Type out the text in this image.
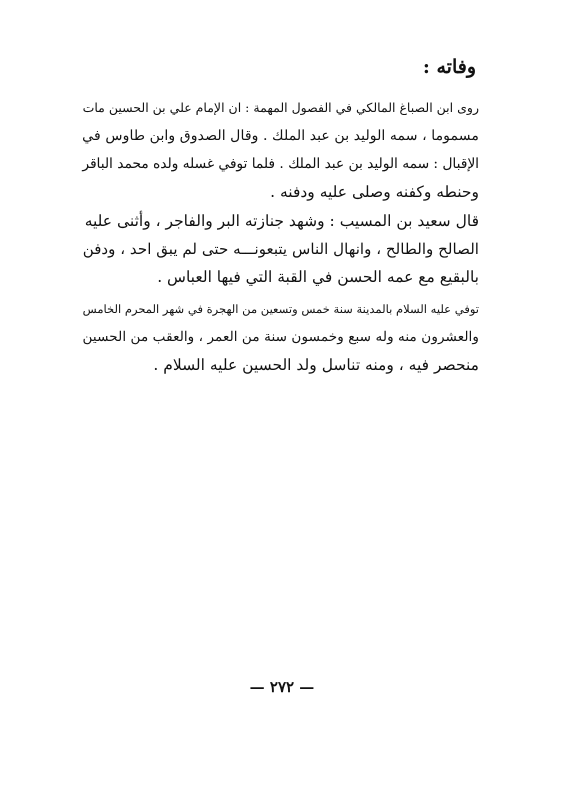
وفاته :
روى ابن الصباغ المالكي في الفصول المهمة : ان الإمام علي بن الحسين مات
مسموما ، سمه الوليد بن عبد الملك . وقال الصدوق وابن طاوس في
الإقبال : سمه الوليد بن عبد الملك . فلما توفي غسله ولده محمد الباقر
وحنطه وكفنه وصلى عليه ودفنه .
قال سعيد بن المسيب : وشهد جنازته البر والفاجر ، وأثنى عليه
الصالح والطالح ، وانهال الناس يتبعونـــه حتى لم يبق احد ، ودفن
بالبقيع مع عمه الحسن في القبة التي فيها العباس .
توفي عليه السلام بالمدينة سنة خمس وتسعين من الهجرة في شهر المحرم الخامس
والعشرون منه وله سبع وخمسون سنة من العمر ، والعقب من الحسين
منحصر فيه ، ومنه تناسل ولد الحسين عليه السلام .

— ٢٧٢ —
